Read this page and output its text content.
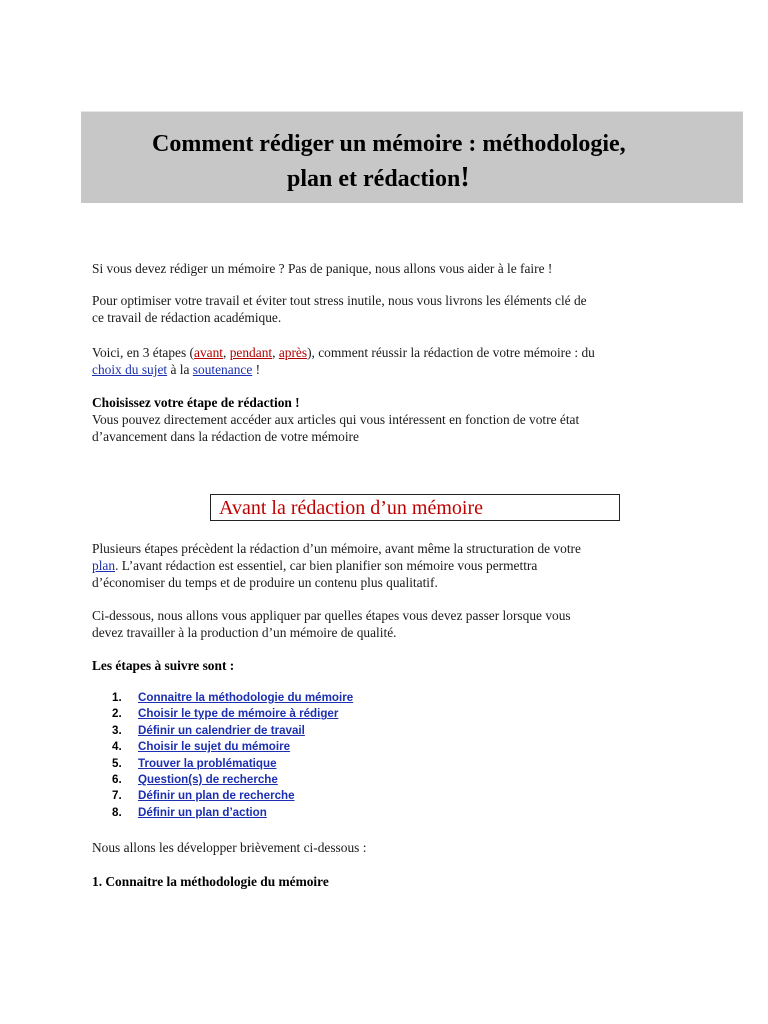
Comment rédiger un mémoire : méthodologie,
plan et rédaction!
Si vous devez rédiger un mémoire ? Pas de panique, nous allons vous aider à le faire !
Pour optimiser votre travail et éviter tout stress inutile, nous vous livrons les éléments clé de
ce travail de rédaction académique.
Voici, en 3 étapes (avant, pendant, après), comment réussir la rédaction de votre mémoire : du
choix du sujet à la soutenance !
Choisissez votre étape de rédaction !
Vous pouvez directement accéder aux articles qui vous intéressent en fonction de votre état
d’avancement dans la rédaction de votre mémoire
Avant la rédaction d’un mémoire
Plusieurs étapes précèdent la rédaction d’un mémoire, avant même la structuration de votre
plan. L’avant rédaction est essentiel, car bien planifier son mémoire vous permettra
d’économiser du temps et de produire un contenu plus qualitatif.
Ci-dessous, nous allons vous appliquer par quelles étapes vous devez passer lorsque vous
devez travailler à la production d’un mémoire de qualité.
Les étapes à suivre sont :
1.	Connaitre la méthodologie du mémoire
2.	Choisir le type de mémoire à rédiger
3.	Définir un calendrier de travail
4.	Choisir le sujet du mémoire
5.	Trouver la problématique
6.	Question(s) de recherche
7.	Définir un plan de recherche
8.	Définir un plan d’action
Nous allons les développer brièvement ci-dessous :
1. Connaitre la méthodologie du mémoire
